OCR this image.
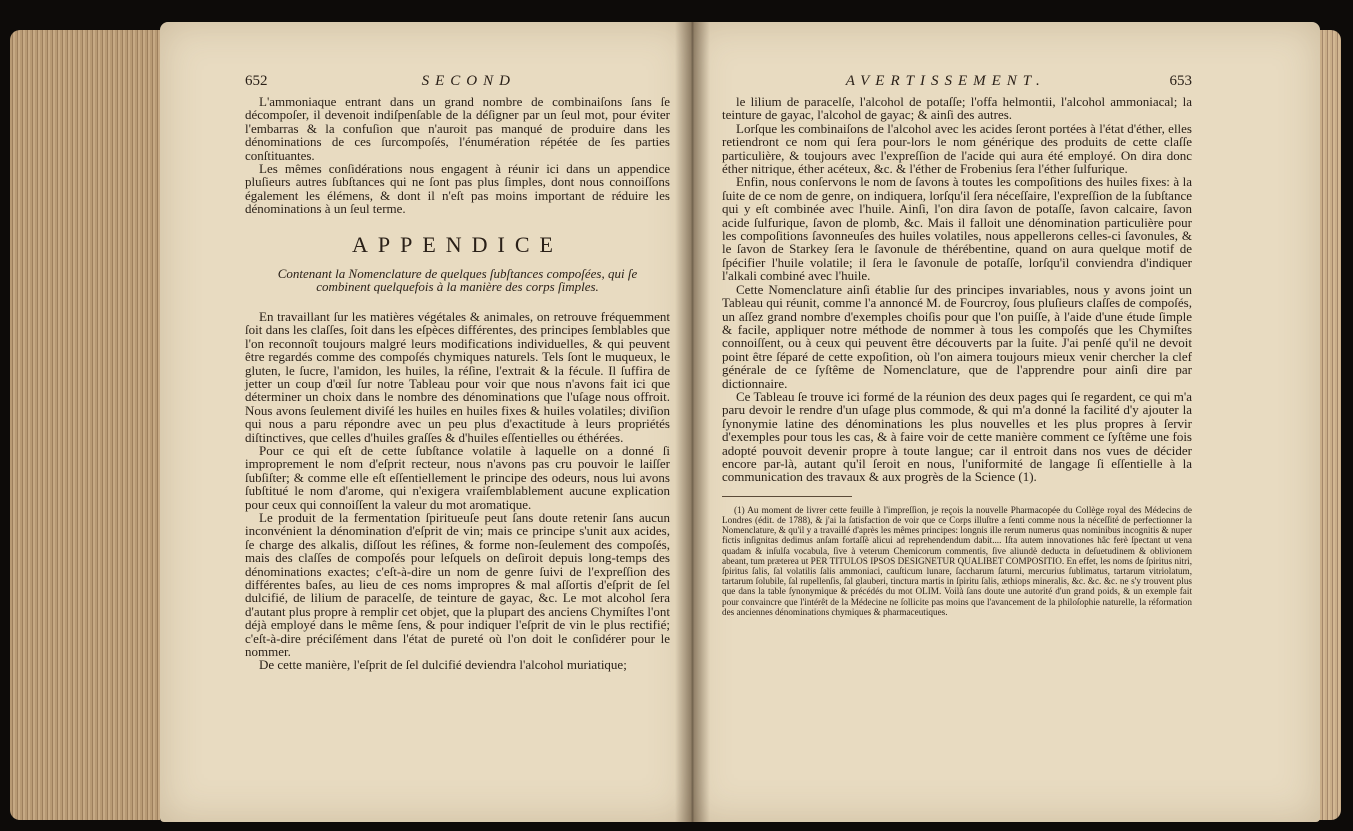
652	SECOND

L'ammoniaque entrant dans un grand nombre de combinaiſons ſans ſe décompoſer, il devenoit indiſpenſable de la déſigner par un ſeul mot, pour éviter l'embarras & la confuſion que n'auroit pas manqué de produire dans les dénominations de ces ſurcompoſés, l'énumération répétée de ſes parties conſtituantes.

Les mêmes conſidérations nous engagent à réunir ici dans un appendice pluſieurs autres ſubſtances qui ne ſont pas plus ſimples, dont nous connoiſſons également les élémens, & dont il n'eſt pas moins important de réduire les dénominations à un ſeul terme.

APPENDICE
Contenant la Nomenclature de quelques ſubſtances compoſées, qui ſe combinent quelquefois à la manière des corps ſimples.

En travaillant ſur les matières végétales & animales, on retrouve fréquemment ſoit dans les claſſes, ſoit dans les eſpèces différentes, des principes ſemblables que l'on reconnoît toujours malgré leurs modifications individuelles, & qui peuvent être regardés comme des compoſés chymiques naturels. Tels ſont le muqueux, le gluten, le ſucre, l'amidon, les huiles, la réſine, l'extrait & la fécule. Il ſuffira de jetter un coup d'œil ſur notre Tableau pour voir que nous n'avons fait ici que déterminer un choix dans le nombre des dénominations que l'uſage nous offroit. Nous avons ſeulement diviſé les huiles en huiles fixes & huiles volatiles; diviſion qui nous a paru répondre avec un peu plus d'exactitude à leurs propriétés diſtinctives, que celles d'huiles graſſes & d'huiles eſſentielles ou éthérées.

Pour ce qui eſt de cette ſubſtance volatile à laquelle on a donné ſi improprement le nom d'eſprit recteur, nous n'avons pas cru pouvoir le laiſſer ſubſiſter; & comme elle eſt eſſentiellement le principe des odeurs, nous lui avons ſubſtitué le nom d'arome, qui n'exigera vraiſemblablement aucune explication pour ceux qui connoiſſent la valeur du mot aromatique.

Le produit de la fermentation ſpiritueuſe peut ſans doute retenir ſans aucun inconvénient la dénomination d'eſprit de vin; mais ce principe s'unit aux acides, ſe charge des alkalis, diſſout les réſines, & forme non-ſeulement des compoſés, mais des claſſes de compoſés pour leſquels on deſiroit depuis long-temps des dénominations exactes; c'eſt-à-dire un nom de genre ſuivi de l'expreſſion des différentes baſes, au lieu de ces noms impropres & mal aſſortis d'eſprit de ſel dulcifié, de lilium de paracelſe, de teinture de gayac, &c. Le mot alcohol ſera d'autant plus propre à remplir cet objet, que la plupart des anciens Chymiſtes l'ont déjà employé dans le même ſens, & pour indiquer l'eſprit de vin le plus rectifié; c'eſt-à-dire préciſément dans l'état de pureté où l'on doit le conſidérer pour le nommer.

De cette manière, l'eſprit de ſel dulcifié deviendra l'alcohol muriatique;

AVERTISSEMENT.	653

le lilium de paracelſe, l'alcohol de potaſſe; l'offa helmontii, l'alcohol ammoniacal; la teinture de gayac, l'alcohol de gayac; & ainſi des autres.

Lorſque les combinaiſons de l'alcohol avec les acides ſeront portées à l'état d'éther, elles retiendront ce nom qui ſera pour-lors le nom générique des produits de cette claſſe particulière, & toujours avec l'expreſſion de l'acide qui aura été employé. On dira donc éther nitrique, éther acéteux, &c. & l'éther de Frobenius ſera l'éther ſulfurique.

Enfin, nous conſervons le nom de ſavons à toutes les compoſitions des huiles fixes: à la ſuite de ce nom de genre, on indiquera, lorſqu'il ſera néceſſaire, l'expreſſion de la ſubſtance qui y eſt combinée avec l'huile. Ainſi, l'on dira ſavon de potaſſe, ſavon calcaire, ſavon acide ſulfurique, ſavon de plomb, &c. Mais il falloit une dénomination particulière pour les compoſitions ſavonneuſes des huiles volatiles, nous appellerons celles-ci ſavonules, & le ſavon de Starkey ſera le ſavonule de thérébentine, quand on aura quelque motif de ſpécifier l'huile volatile; il ſera le ſavonule de potaſſe, lorſqu'il conviendra d'indiquer l'alkali combiné avec l'huile.

Cette Nomenclature ainſi établie ſur des principes invariables, nous y avons joint un Tableau qui réunit, comme l'a annoncé M. de Fourcroy, ſous pluſieurs claſſes de compoſés, un aſſez grand nombre d'exemples choiſis pour que l'on puiſſe, à l'aide d'une étude ſimple & facile, appliquer notre méthode de nommer à tous les compoſés que les Chymiſtes connoiſſent, ou à ceux qui peuvent être découverts par la ſuite. J'ai penſé qu'il ne devoit point être ſéparé de cette expoſition, où l'on aimera toujours mieux venir chercher la clef générale de ce ſyſtême de Nomenclature, que de l'apprendre pour ainſi dire par dictionnaire.

Ce Tableau ſe trouve ici formé de la réunion des deux pages qui ſe regardent, ce qui m'a paru devoir le rendre d'un uſage plus commode, & qui m'a donné la facilité d'y ajouter la ſynonymie latine des dénominations les plus nouvelles et les plus propres à ſervir d'exemples pour tous les cas, & à faire voir de cette manière comment ce ſyſtême une fois adopté pouvoit devenir propre à toute langue; car il entroit dans nos vues de décider encore par-là, autant qu'il ſeroit en nous, l'uniformité de langage ſi eſſentielle à la communication des travaux & aux progrès de la Science (1).

(1) Au moment de livrer cette feuille à l'impreſſion, je reçois la nouvelle Pharmacopée du Collège royal des Médecins de Londres (édit. de 1788), & j'ai la ſatisfaction de voir que ce Corps illuſtre a ſenti comme nous la néceſſité de perfectionner la Nomenclature, & qu'il y a travaillé d'après les mêmes principes: longnis ille rerum numerus quas nominibus incognitis & nuper fictis inſignitas dedimus anſam fortaſſè alicui ad reprehendendum dabit.... Iſta autem innovationes hâc ferè ſpectant ut vena quadam & inſulſa vocabula, ſive à veterum Chemicorum commentis, ſive aliundè deducta in deſuetudinem & oblivionem abeant, tum præterea ut PER TITULOS IPSOS DESIGNETUR QUALIBET COMPOSITIO. En effet, les noms de ſpiritus nitri, ſpiritus ſalis, ſal volatilis ſalis ammoniaci, cauſticum lunare, ſaccharum ſaturni, mercurius ſublimatus, tartarum vitriolatum, tartarum ſolubile, ſal rupellenſis, ſal glauberi, tinctura martis in ſpiritu ſalis, æthiops mineralis, &c. &c. &c. ne s'y trouvent plus que dans la table ſynonymique & précédés du mot OLIM. Voilà ſans doute une autorité d'un grand poids, & un exemple fait pour convaincre que l'intérêt de la Médecine ne ſollicite pas moins que l'avancement de la philoſophie naturelle, la réformation des anciennes dénominations chymiques & pharmaceutiques.
